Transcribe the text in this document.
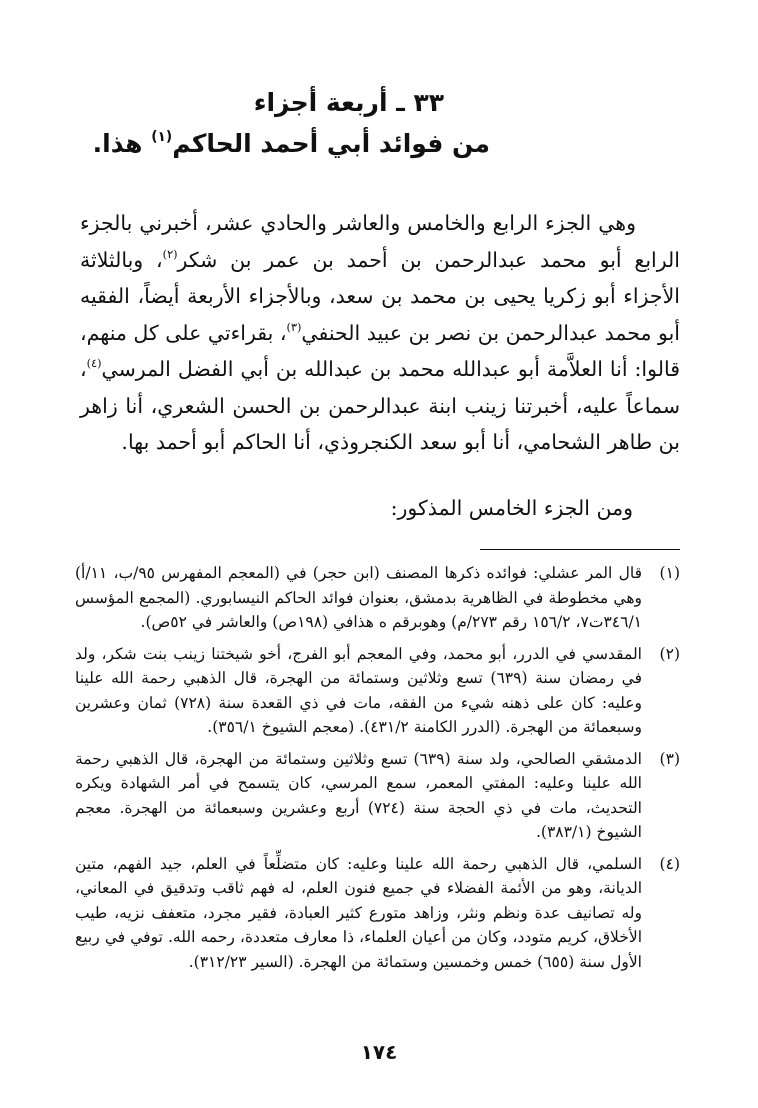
٣٣ ـ أربعة أجزاء
من فوائد أبي أحمد الحاكم$^{(١)}$ هذا.

وهي الجزء الرابع والخامس والعاشر والحادي عشر، أخبرني بالجزء الرابع أبو محمد عبدالرحمن بن أحمد بن عمر بن شكر$^{(٢)}$، وبالثلاثة الأجزاء أبو زكريا يحيى بن محمد بن سعد، وبالأجزاء الأربعة أيضاً، الفقيه أبو محمد عبدالرحمن بن نصر بن عبيد الحنفي$^{(٣)}$، بقراءتي على كل منهم، قالوا: أنا العلاَّمة أبو عبدالله محمد بن عبدالله بن أبي الفضل المرسي$^{(٤)}$، سماعاً عليه، أخبرتنا زينب ابنة عبدالرحمن بن الحسن الشعري، أنا زاهر بن طاهر الشحامي، أنا أبو سعد الكنجروذي، أنا الحاكم أبو أحمد بها.

ومن الجزء الخامس المذكور:
(١)
قال المر عشلي: فوائده ذكرها المصنف (ابن حجر) في (المعجم المفهرس ٩٥/ب، ١١/أ) وهي مخطوطة في الظاهرية بدمشق، بعنوان فوائد الحاكم النيسابوري. (المجمع المؤسس ٣٤٦/١ت٧، ١٥٦/٢ رقم ٢٧٣/م) وهوبرقم ه هذافي (١٩٨ص) والعاشر في ٥٢ص).
(٢)
المقدسي في الدرر، أبو محمد، وفي المعجم أبو الفرج، أخو شيختنا زينب بنت شكر، ولد في رمضان سنة (٦٣٩) تسع وثلاثين وستمائة من الهجرة، قال الذهبي رحمة الله علينا وعليه: كان على ذهنه شيء من الفقه، مات في ذي القعدة سنة (٧٢٨) ثمان وعشرين وسبعمائة من الهجرة. (الدرر الكامنة ٤٣١/٢). (معجم الشيوخ ٣٥٦/١).
(٣)
الدمشقي الصالحي، ولد سنة (٦٣٩) تسع وثلاثين وستمائة من الهجرة، قال الذهبي رحمة الله علينا وعليه: المفتي المعمر، سمع المرسي، كان يتسمح في أمر الشهادة ويكره التحديث، مات في ذي الحجة سنة (٧٢٤) أربع وعشرين وسبعمائة من الهجرة. معجم الشيوخ (٣٨٣/١).
(٤)
السلمي، قال الذهبي رحمة الله علينا وعليه: كان متضلِّعاً في العلم، جيد الفهم، متين الديانة، وهو من الأئمة الفضلاء في جميع فنون العلم، له فهم ثاقب وتدقيق في المعاني، وله تصانيف عدة ونظم ونثر، وزاهد متورع كثير العبادة، فقير مجرد، متعفف نزيه، طيب الأخلاق، كريم متودد، وكان من أعيان العلماء، ذا معارف متعددة، رحمه الله. توفي في ربيع الأول سنة (٦٥٥) خمس وخمسين وستمائة من الهجرة. (السير ٣١٢/٢٣).
١٧٤
